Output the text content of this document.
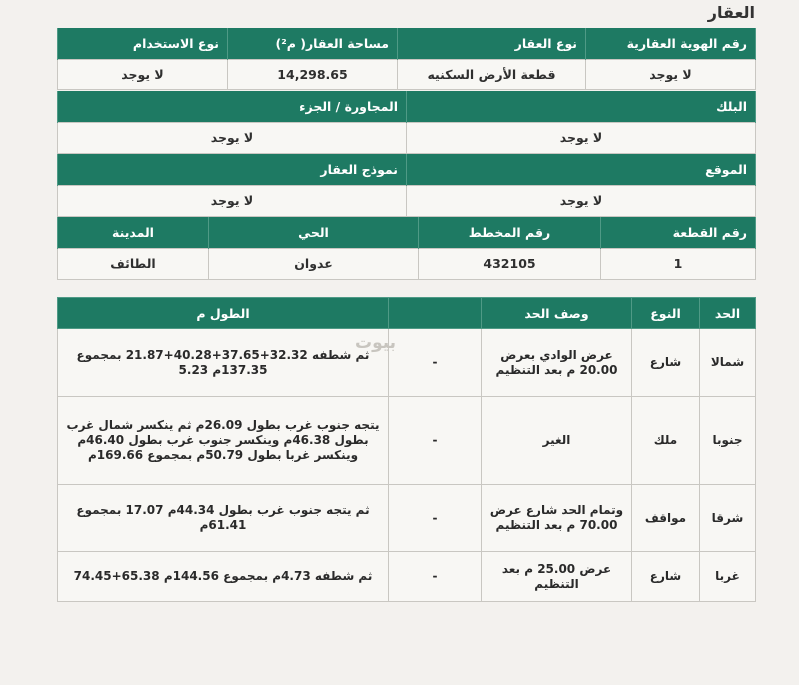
العقار
رقم الهوية العقارية	نوع العقار	مساحة العقار( م²)	نوع الاستخدام
لا يوجد	قطعة الأرض السكنيه	14,298.65	لا يوجد
البلك	المجاورة / الجزء
لا يوجد	لا يوجد
الموقع	نموذج العقار
لا يوجد	لا يوجد
رقم القطعة	رقم المخطط	الحي	المدينة
1	432105	عدوان	الطائف
الحد	النوع	وصف الحد		الطول م
شمالا	شارع	عرض الوادي بعرض 20.00 م بعد التنظيم	-	ثم شطفه 32.32+37.65+40.28+21.87 بمجموع 137.35م 5.23
جنوبا	ملك	الغير	-	يتجه جنوب غرب بطول 26.09م ثم ينكسر شمال غرب بطول 46.38م وينكسر جنوب غرب بطول 46.40م وينكسر غربا بطول 50.79م بمجموع 169.66م
شرقا	مواقف	وتمام الحد شارع عرض 70.00 م بعد التنظيم	-	ثم يتجه جنوب غرب بطول 44.34م 17.07 بمجموع 61.41م
غربا	شارع	عرض 25.00 م بعد التنظيم	-	ثم شطفه 4.73م بمجموع 144.56م 65.38+74.45
بيوت
